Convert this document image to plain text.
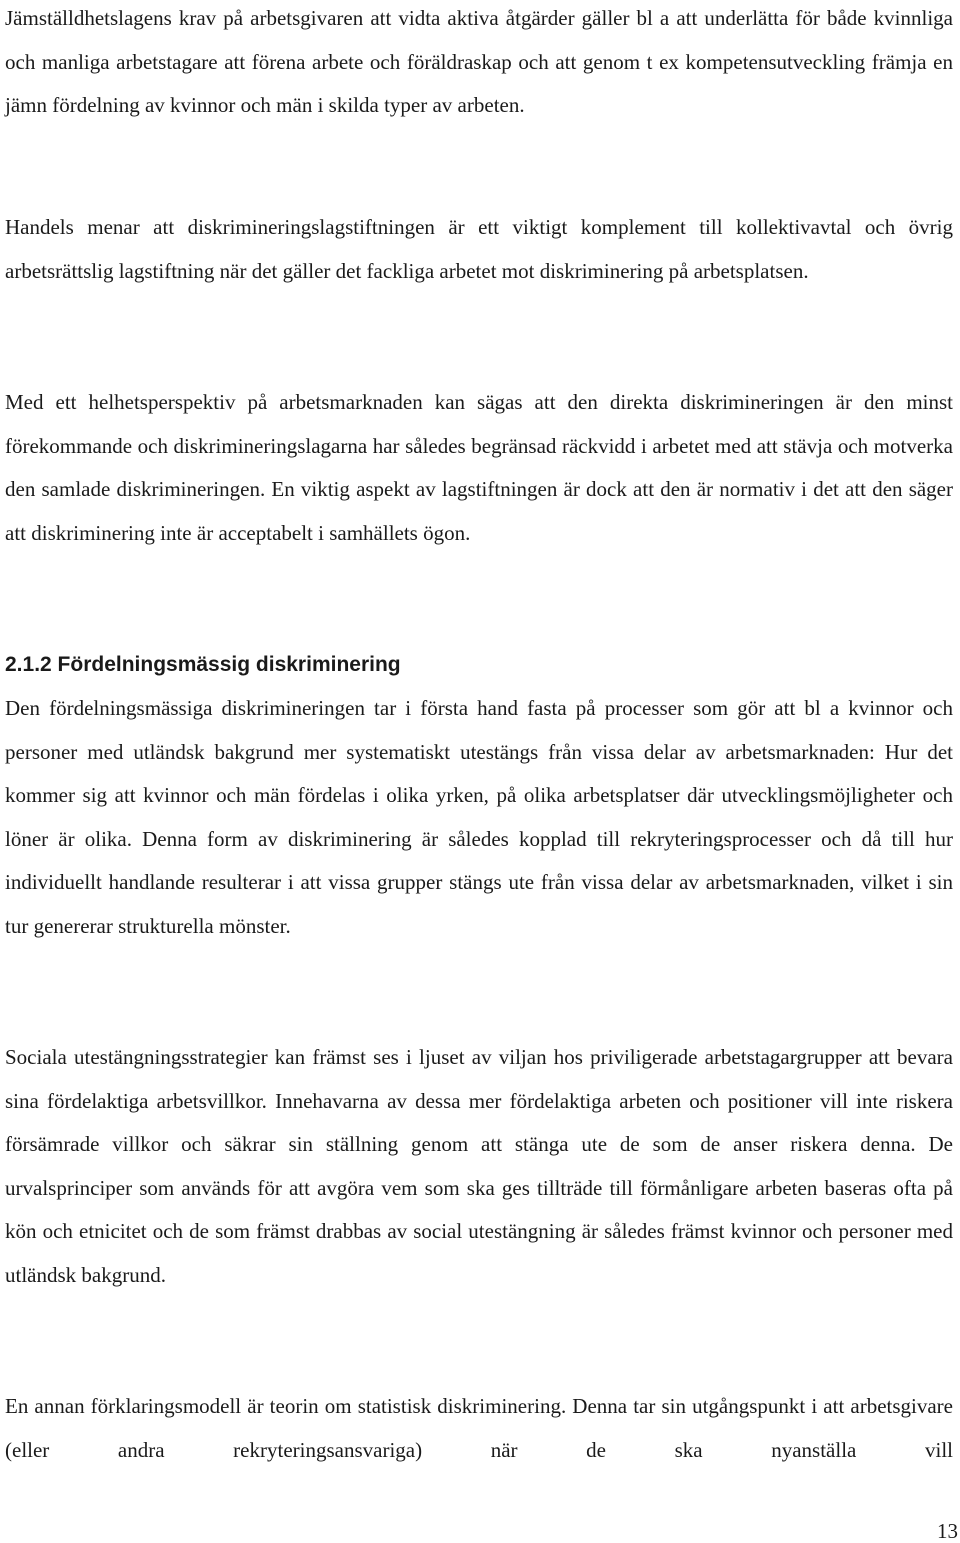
Jämställdhetslagens krav på arbetsgivaren att vidta aktiva åtgärder gäller bl a att underlätta för både kvinnliga och manliga arbetstagare att förena arbete och föräldraskap och att genom t ex kompetensutveckling främja en jämn fördelning av kvinnor och män i skilda typer av arbeten.

Handels menar att diskrimineringslagstiftningen är ett viktigt komplement till kollektivavtal och övrig arbetsrättslig lagstiftning när det gäller det fackliga arbetet mot diskriminering på arbetsplatsen.

Med ett helhetsperspektiv på arbetsmarknaden kan sägas att den direkta diskrimineringen är den minst förekommande och diskrimineringslagarna har således begränsad räckvidd i arbetet med att stävja och motverka den samlade diskrimineringen. En viktig aspekt av lagstiftningen är dock att den är normativ i det att den säger att diskriminering inte är acceptabelt i samhällets ögon.

2.1.2 Fördelningsmässig diskriminering

Den fördelningsmässiga diskrimineringen tar i första hand fasta på processer som gör att bl a kvinnor och personer med utländsk bakgrund mer systematiskt utestängs från vissa delar av arbetsmarknaden: Hur det kommer sig att kvinnor och män fördelas i olika yrken, på olika arbetsplatser där utvecklingsmöjligheter och löner är olika. Denna form av diskriminering är således kopplad till rekryteringsprocesser och då till hur individuellt handlande resulterar i att vissa grupper stängs ute från vissa delar av arbetsmarknaden, vilket i sin tur genererar strukturella mönster.

Sociala utestängningsstrategier kan främst ses i ljuset av viljan hos priviligerade arbetstagargrupper att bevara sina fördelaktiga arbetsvillkor. Innehavarna av dessa mer fördelaktiga arbeten och positioner vill inte riskera försämrade villkor och säkrar sin ställning genom att stänga ute de som de anser riskera denna. De urvalsprinciper som används för att avgöra vem som ska ges tillträde till förmånligare arbeten baseras ofta på kön och etnicitet och de som främst drabbas av social utestängning är således främst kvinnor och personer med utländsk bakgrund.

En annan förklaringsmodell är teorin om statistisk diskriminering. Denna tar sin utgångspunkt i att arbetsgivare (eller andra rekryteringsansvariga) när de ska nyanställa vill

13
